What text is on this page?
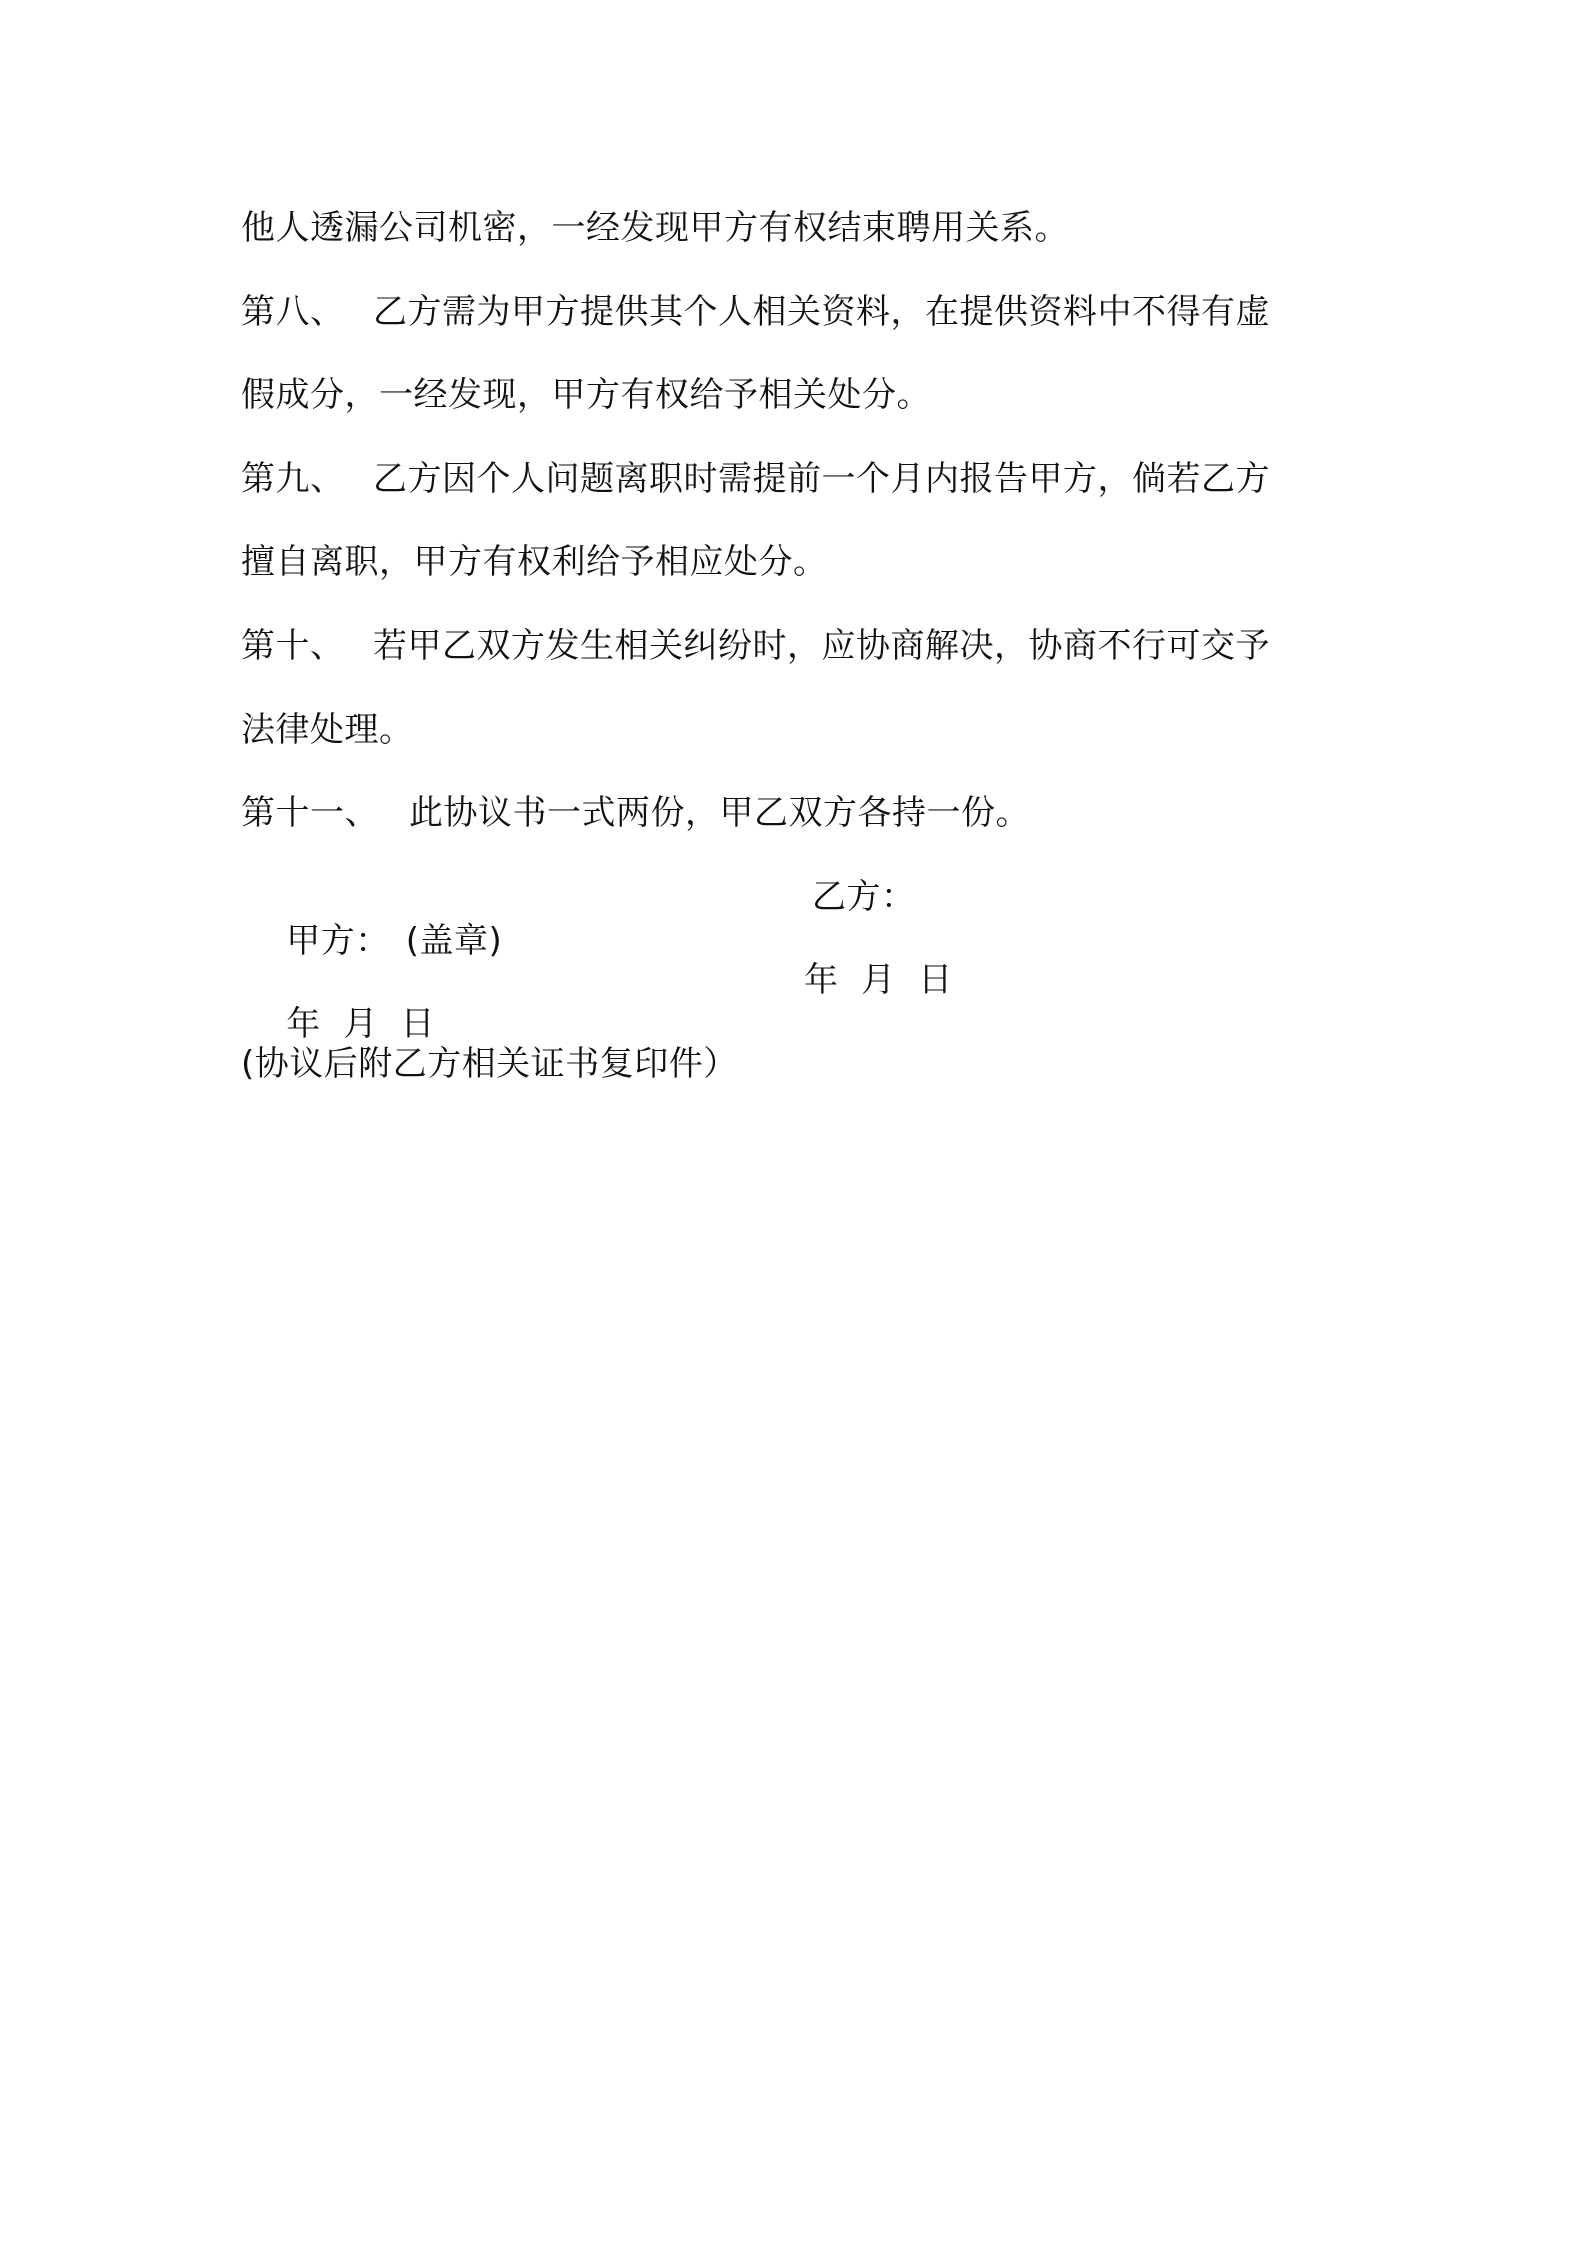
他人透漏公司机密，一经发现甲方有权结束聘用关系。
第八、 乙方需为甲方提供其个人相关资料，在提供资料中不得有虚
假成分，一经发现，甲方有权给予相关处分。
第九、 乙方因个人问题离职时需提前一个月内报告甲方，倘若乙方
擅自离职，甲方有权利给予相应处分。
第十、 若甲乙双方发生相关纠纷时，应协商解决，协商不行可交予
法律处理。
第十一、 此协议书一式两份，甲乙双方各持一份。

甲方： (盖章)

乙方：

年  月  日

年  月  日

(协议后附乙方相关证书复印件）
